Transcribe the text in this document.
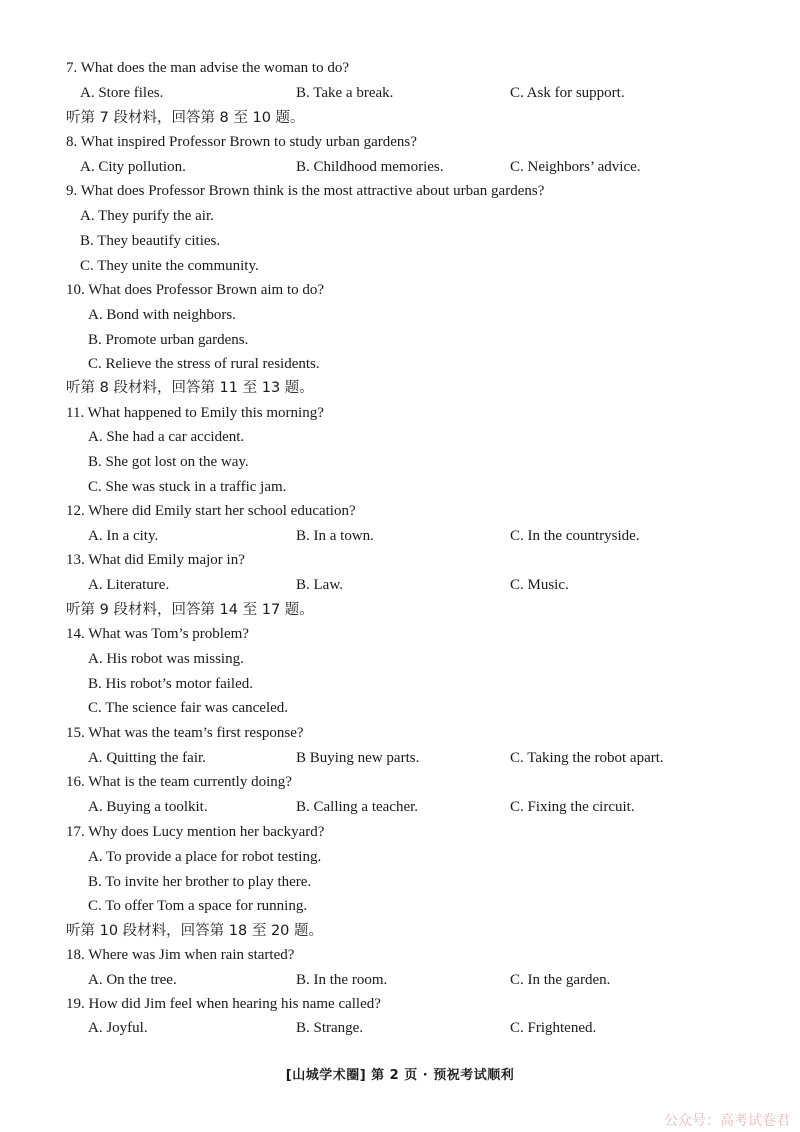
7. What does the man advise the woman to do?
A. Store files.	B. Take a break.	C. Ask for support.
听第 7 段材料，回答第 8 至 10 题。
8. What inspired Professor Brown to study urban gardens?
A. City pollution.	B. Childhood memories.	C. Neighbors’ advice.
9. What does Professor Brown think is the most attractive about urban gardens?
A. They purify the air.
B. They beautify cities.
C. They unite the community.
10. What does Professor Brown aim to do?
A. Bond with neighbors.
B. Promote urban gardens.
C. Relieve the stress of rural residents.
听第 8 段材料，回答第 11 至 13 题。
11. What happened to Emily this morning?
A. She had a car accident.
B. She got lost on the way.
C. She was stuck in a traffic jam.
12. Where did Emily start her school education?
A. In a city.	B. In a town.	C. In the countryside.
13. What did Emily major in?
A. Literature.	B. Law.	C. Music.
听第 9 段材料，回答第 14 至 17 题。
14. What was Tom’s problem?
A. His robot was missing.
B. His robot’s motor failed.
C. The science fair was canceled.
15. What was the team’s first response?
A. Quitting the fair.	B Buying new parts.	C. Taking the robot apart.
16. What is the team currently doing?
A. Buying a toolkit.	B. Calling a teacher.	C. Fixing the circuit.
17. Why does Lucy mention her backyard?
A. To provide a place for robot testing.
B. To invite her brother to play there.
C. To offer Tom a space for running.
听第 10 段材料，回答第 18 至 20 题。
18. Where was Jim when rain started?
A. On the tree.	B. In the room.	C. In the garden.
19. How did Jim feel when hearing his name called?
A. Joyful.	B. Strange.	C. Frightened.
[山城学术圈] 第 2 页 · 预祝考试顺利
公众号：高考试卷君
